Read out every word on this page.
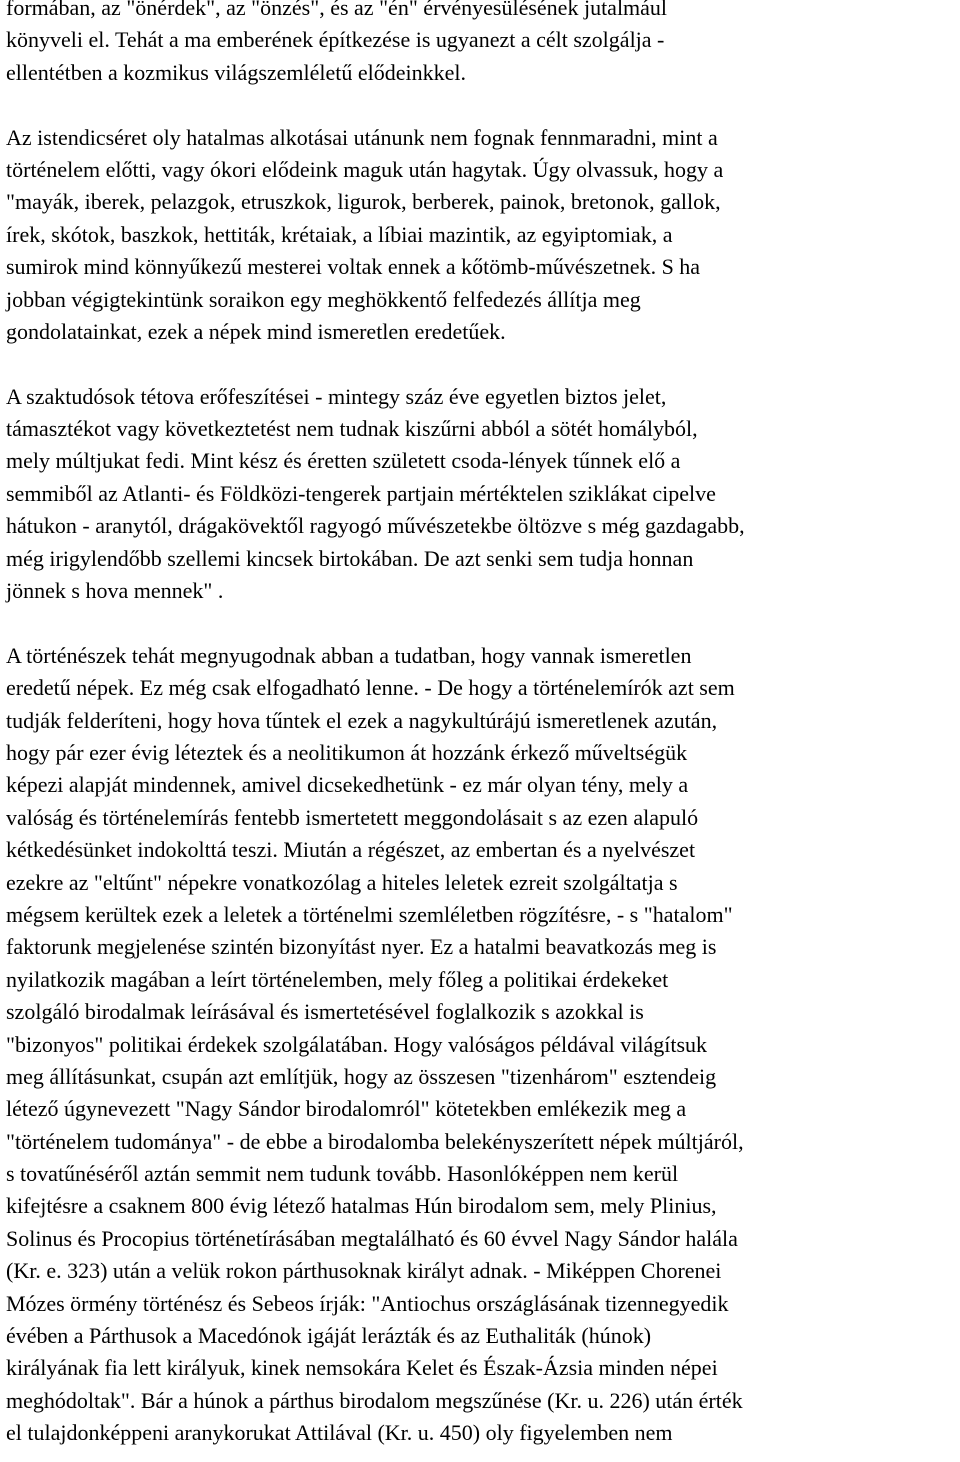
formában, az "önérdek", az "önzés", és az "én" érvényesülésének jutalmául
könyveli el. Tehát a ma emberének építkezése is ugyanezt a célt szolgálja -
ellentétben a kozmikus világszemléletű elődeinkkel.
Az istendicséret oly hatalmas alkotásai utánunk nem fognak fennmaradni, mint a
történelem előtti, vagy ókori elődeink maguk után hagytak. Úgy olvassuk, hogy a
"mayák, iberek, pelazgok, etruszkok, ligurok, berberek, painok, bretonok, gallok,
írek, skótok, baszkok, hettiták, krétaiak, a líbiai mazintik, az egyiptomiak, a
sumirok mind könnyűkezű mesterei voltak ennek a kőtömb-művészetnek. S ha
jobban végigtekintünk soraikon egy meghökkentő felfedezés állítja meg
gondolatainkat, ezek a népek mind ismeretlen eredetűek.
A szaktudósok tétova erőfeszítései - mintegy száz éve egyetlen biztos jelet,
támasztékot vagy következtetést nem tudnak kiszűrni abból a sötét homályból,
mely múltjukat fedi. Mint kész és éretten született csoda-lények tűnnek elő a
semmiből az Atlanti- és Földközi-tengerek partjain mértéktelen sziklákat cipelve
hátukon - aranytól, drágakövektől ragyogó művészetekbe öltözve s még gazdagabb,
még irigylendőbb szellemi kincsek birtokában. De azt senki sem tudja honnan
jönnek s hova mennek" .
A történészek tehát megnyugodnak abban a tudatban, hogy vannak ismeretlen
eredetű népek. Ez még csak elfogadható lenne. - De hogy a történelemírók azt sem
tudják felderíteni, hogy hova tűntek el ezek a nagykultúrájú ismeretlenek azután,
hogy pár ezer évig léteztek és a neolitikumon át hozzánk érkező műveltségük
képezi alapját mindennek, amivel dicsekedhetünk - ez már olyan tény, mely a
valóság és történelemírás fentebb ismertetett meggondolásait s az ezen alapuló
kétkedésünket indokolttá teszi. Miután a régészet, az embertan és a nyelvészet
ezekre az "eltűnt" népekre vonatkozólag a hiteles leletek ezreit szolgáltatja s
mégsem kerültek ezek a leletek a történelmi szemléletben rögzítésre, - s "hatalom"
faktorunk megjelenése szintén bizonyítást nyer. Ez a hatalmi beavatkozás meg is
nyilatkozik magában a leírt történelemben, mely főleg a politikai érdekeket
szolgáló birodalmak leírásával és ismertetésével foglalkozik s azokkal is
"bizonyos" politikai érdekek szolgálatában. Hogy valóságos példával világítsuk
meg állításunkat, csupán azt említjük, hogy az összesen "tizenhárom" esztendeig
létező úgynevezett "Nagy Sándor birodalomról" kötetekben emlékezik meg a
"történelem tudománya" - de ebbe a birodalomba belekényszerített népek múltjáról,
s tovatűnéséről aztán semmit nem tudunk tovább. Hasonlóképpen nem kerül
kifejtésre a csaknem 800 évig létező hatalmas Hún birodalom sem, mely Plinius,
Solinus és Procopius történetírásában megtalálható és 60 évvel Nagy Sándor halála
(Kr. e. 323) után a velük rokon párthusoknak királyt adnak. - Miképpen Chorenei
Mózes örmény történész és Sebeos írják: "Antiochus országlásának tizennegyedik
évében a Párthusok a Macedónok igáját lerázták és az Euthaliták (húnok)
királyának fia lett királyuk, kinek nemsokára Kelet és Észak-Ázsia minden népei
meghódoltak". Bár a húnok a párthus birodalom megszűnése (Kr. u. 226) után érték
el tulajdonképpeni aranykorukat Attilával (Kr. u. 450) oly figyelemben nem
